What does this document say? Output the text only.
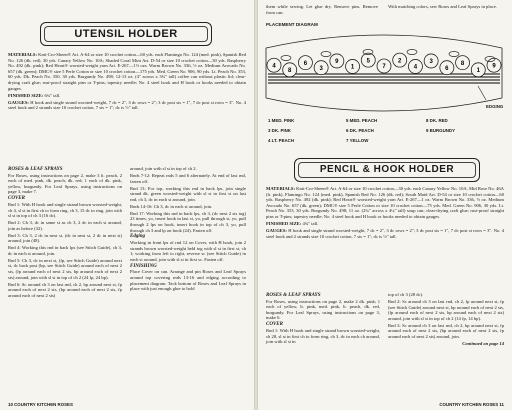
UTENSIL HOLDER

MATERIALS: Knit-Cro-Sheen® Art. A-64 or size 10 crochet cotton—60 yds. each Flamingo No. 124 (med. pink), Spanish Red No. 126 (dk. red), 30 yds. Canary Yellow No. 10A; Shaded Coral Mint Art. D-54 or size 10 crochet cotton—30 yds. Raspberry No. 492 (dk. pink); Red Heart® worsted-weight yarn Art. E-267—1½ ozs. Warm Brown No. 336, ½ oz. Medium Avocado No. 657 (dk. green); DMC® size 5 Perle Cotton or size 10 crochet cotton—175 yds. Med. Green No. 906, 90 yds. Lt. Peach No. 353, 60 yds. Dk. Peach No. 350, 30 yds. Burgundy No. 498; 12-13 oz. (4" across x 3¾" tall) coffee can without plastic lid; clear-drying craft glue; rust-proof straight pins or T-pins; tapestry needle; No. 4 steel hook and H hook or hooks needed to obtain gauges.

FINISHED SIZE: 6¾" tall.

GAUGES: H hook and single strand worsted-weight, 7 dc = 2", 3 dc rows = 2"; 3 dc post sts = 1", 7 dc post st rows = 3". No. 4 steel hook and 2 strands size 10 crochet cotton, 7 sts = 1"; dc is ½" tall.

ROSES & LEAF SPRAYS

For Roses, using instructions on page 2, make 3 lt. peach, 2 each of med. pink, dk. peach, dk. red; 1 each of dk. pink, yellow, burgundy. For Leaf Sprays, using instructions on page 3, make 7.

COVER

Rnd 1: With H hook and single strand brown worsted-weight, ch 4, sl st in first ch to form ring, ch 3, 15 dc in ring, join with sl st in top of ch 3 (16 dc).

Rnd 2: Ch 3, dc in same st as ch 3, 2 dc in each st around, join as before (32).

Rnd 3: Ch 3, 2 dc in next st, (dc in next st, 2 dc in next st) around, join (48).

Rnd 4: Working this rnd in back lps (see Stitch Guide), ch 3, dc in each st around, join.

Rnd 5: Ch 3, dc in next st, (fp, see Stitch Guide) around next st, dc back post (bp, see Stitch Guide) around each of next 2 sts, (fp around each of next 2 sts, bp around each of next 2 sts) around, join with sl st in top of ch 2 (24 fp, 24 bp).

Rnd 6: Sc around ch 3 on last rnd, ch 2, bp around next st, fp around each of next 2 sts, (bp around each of next 2 sts, fp around each of next 2 sts)

around, join with sl st in top of ch 2.

Rnds 7-12: Repeat rnds 5 and 6 alternately. At end of last rnd, fasten off.

Rnd 13: For top, working this rnd in back lps, join single strand dk. green worsted-weight with sl st in first st on last rnd, ch 3, dc in each st around, join.

Rnds 14-16: Ch 3, dc in each st around, join.

Rnd 17: Working this rnd in back lps, ch 3, (dc next 2 sts tog) 23 times, yo, insert hook in last st, yo, pull through st, yo, pull through 2 lps on hook, insert hook in top of ch 3, yo, pull through ch 3 and lp on hook (24). Fasten off.

Edging

Working in front lps of rnd 12 on Cover, with H hook, join 2 strands brown worsted-weight held tog with sl st in first st, ch 1; working from left to right, reverse sc (see Stitch Guide) in each st around, join with sl st in first sc. Fasten off.

FINISHING

Place Cover on can. Arrange and pin Roses and Leaf Sprays around top covering rnds 13-16 and edging according to placement diagram. Tack bottom of Roses and Leaf Sprays in place with just enough glue to hold

10 COUNTRY KITCHEN ROSES

them while sewing. Let glue dry. Remove pins. Remove from can.

With matching colors, sew Roses and Leaf Sprays in place.

PLACEMENT DIAGRAM
4
8
6
3
9
1
5
7
2
4
3
6
8
1
9
EDGING
1 MED. PINK	5 MED. PEACH	8 DK. RED
3 DK. PINK	6 DK. PEACH	9 BURGUNDY
4 LT. PEACH	7 YELLOW
PENCIL & HOOK HOLDER

MATERIALS: Knit-Cro-Sheen® Art. A-64 or size 10 crochet cotton—30 yds. each Canary Yellow No. 10A, Mid Rose No. 46A (lt. pink), Flamingo No. 124 (med. pink), Spanish Red No. 126 (dk. red); South Maid Art. D-54 or size 10 crochet cotton—60 yds. Raspberry No. 492 (dk. pink); Red Heart® worsted-weight yarn Art. E-267—1 oz. Warm Brown No. 336, ½ oz. Medium Avocado No. 657 (dk. green); DMC® size 5 Perle Cotton or size 10 crochet cotton—75 yds. Med. Green No. 906, 30 yds. Lt. Peach No. 353, 30 yds. Burgundy No. 498; 11 oz. (2¾" across x 4¼" tall) soup can; clear-drying craft glue; rust-proof straight pins or T-pins; tapestry needle; No. 4 steel hook and H hook or hooks needed to obtain gauges.

FINISHED SIZE: 4¾" tall.

GAUGES: H hook and single strand worsted-weight, 7 dc = 2", 3 dc rows = 2"; 3 dc post sts = 1", 7 dc post st rows = 3". No. 4 steel hook and 2 strands size 10 crochet cotton, 7 sts = 1"; dc is ½" tall.

ROSES & LEAF SPRAYS

For Roses, using instructions on page 2, make 2 dk. pink; 1 each of yellow, lt. pink, med. pink, lt. peach, dk. red, burgundy. For Leaf Sprays, using instructions on page 3, make 6.

COVER

Rnd 1: With H hook and single strand brown worsted-weight, ch 28, sl st in first ch to form ring, ch 3, dc in each ch around, join with sl st in

top of ch 3 (28 dc).

Rnd 2: Sc around ch 3 on last rnd, ch 2, fp around next st, fp (see Stitch Guide) around next st, bp around each of next 2 sts, (fp around each of next 2 sts, bp around each of next 2 sts) around, join with sl st in top of ch 2 (14 fp, 14 bp).

Rnd 3: Sc around ch 3 on last rnd, ch 2, bp around next st, fp around each of next 2 sts, (bp around each of next 2 sts, fp around each of next 2 sts) around, join.

Continued on page 14

COUNTRY KITCHEN ROSES 11
